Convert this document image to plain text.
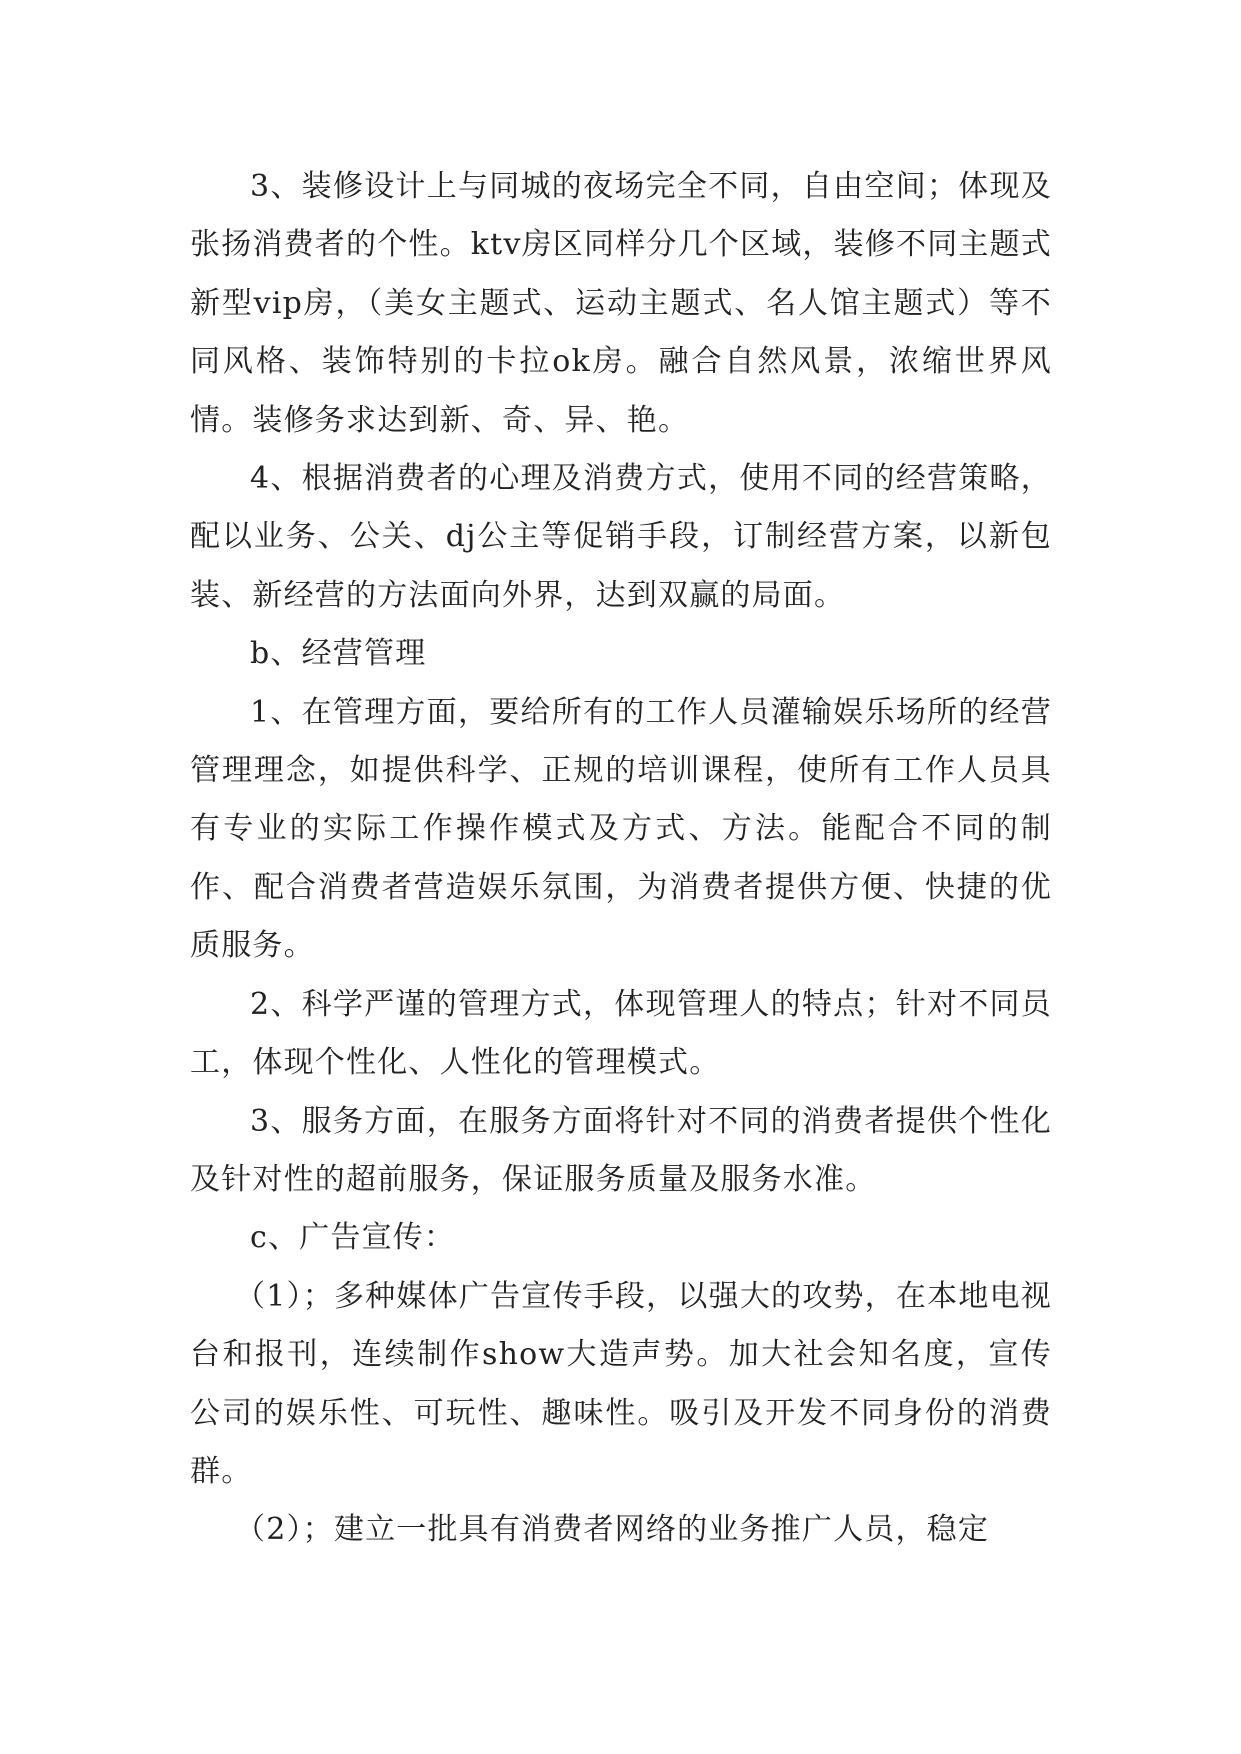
3、装修设计上与同城的夜场完全不同，自由空间；体现及张扬消费者的个性。ktv房区同样分几个区域，装修不同主题式新型vip房，（美女主题式、运动主题式、名人馆主题式）等不同风格、装饰特别的卡拉ok房。融合自然风景，浓缩世界风情。装修务求达到新、奇、异、艳。

4、根据消费者的心理及消费方式，使用不同的经营策略，配以业务、公关、dj公主等促销手段，订制经营方案，以新包装、新经营的方法面向外界，达到双赢的局面。

b、经营管理

1、在管理方面，要给所有的工作人员灌输娱乐场所的经营管理理念，如提供科学、正规的培训课程，使所有工作人员具有专业的实际工作操作模式及方式、方法。能配合不同的制作、配合消费者营造娱乐氛围，为消费者提供方便、快捷的优质服务。

2、科学严谨的管理方式，体现管理人的特点；针对不同员工，体现个性化、人性化的管理模式。

3、服务方面，在服务方面将针对不同的消费者提供个性化及针对性的超前服务，保证服务质量及服务水准。

c、广告宣传：

（1）；多种媒体广告宣传手段，以强大的攻势，在本地电视台和报刊，连续制作show大造声势。加大社会知名度，宣传公司的娱乐性、可玩性、趣味性。吸引及开发不同身份的消费群。

（2）；建立一批具有消费者网络的业务推广人员，稳定
